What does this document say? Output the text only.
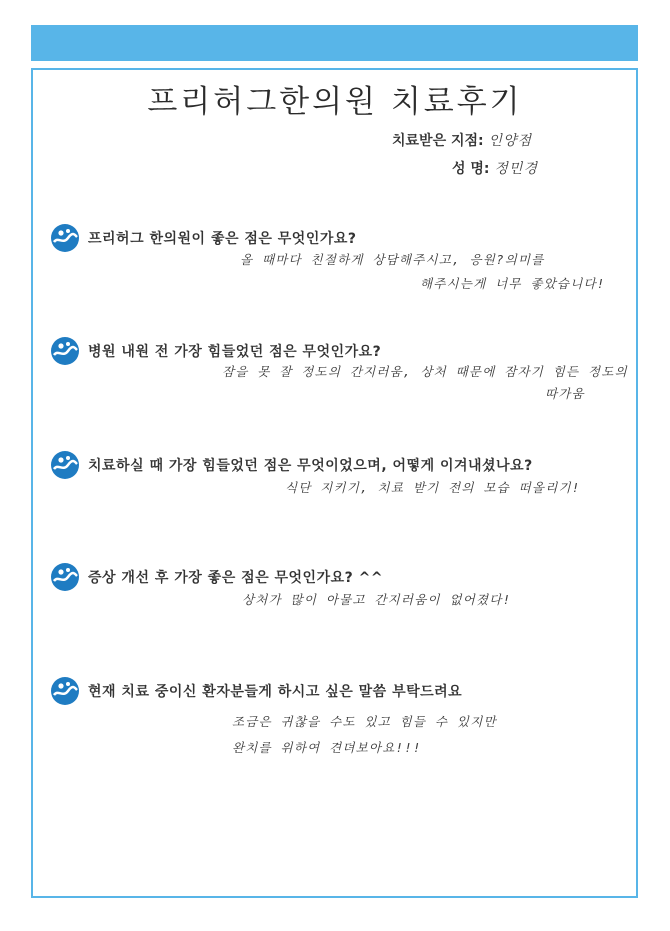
프리허그한의원 치료후기
치료받은 지점: 인양점
성 명: 정민경
프리허그 한의원이 좋은 점은 무엇인가요?
올 때마다 친절하게 상담해주시고, 응원?의미를
해주시는게 너무 좋았습니다!
병원 내원 전 가장 힘들었던 점은 무엇인가요?
잠을 못 잘 정도의 간지러움, 상처 때문에 잠자기 힘든 정도의
따가움
치료하실 때 가장 힘들었던 점은 무엇이었으며, 어떻게 이겨내셨나요?
식단 지키기, 치료 받기 전의 모습 떠올리기!
증상 개선 후 가장 좋은 점은 무엇인가요? ^^
상처가 많이 아물고 간지러움이 없어졌다!
현재 치료 중이신 환자분들게 하시고 싶은 말씀 부탁드려요
조금은 귀찮을 수도 있고 힘들 수 있지만
완치를 위하여 견뎌보아요!!!
